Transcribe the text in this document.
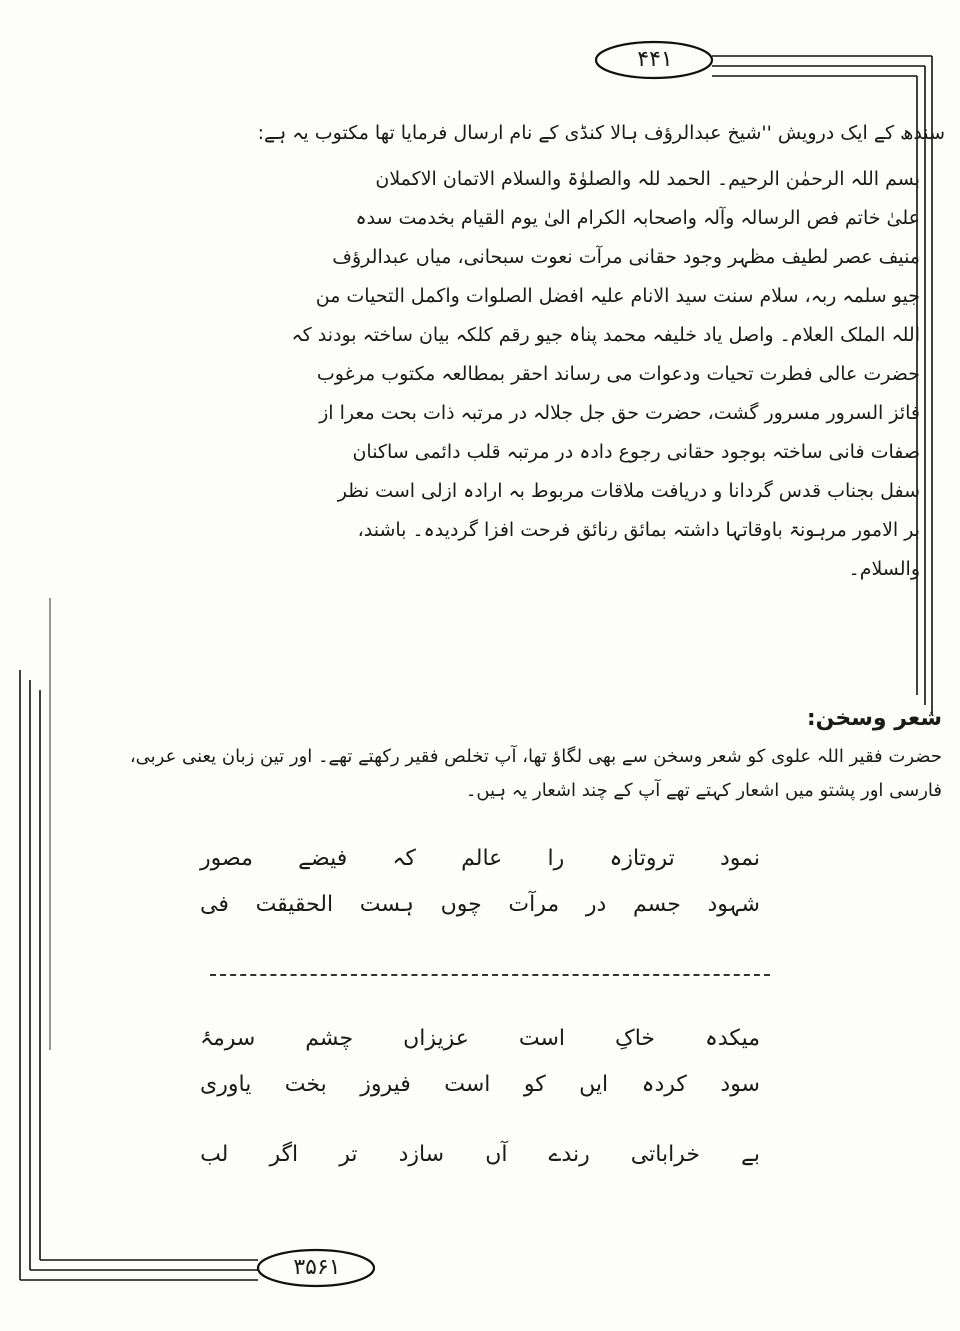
۴۴۱
۳۵۶۱
سندھ کے ایک درویش ''شیخ عبدالرؤف ہالا کنڈی کے نام ارسال فرمایا تھا مکتوب یہ ہے:
بسم اللہ الرحمٰن الرحیم۔ الحمد للہ والصلوٰۃ والسلام الاتمان الاکملان
علیٰ خاتم فص الرسالہ وآلہ واصحابہ الکرام الیٰ یوم القیام بخدمت سدہ
منیف عصر لطیف مظہر وجود حقانی مرآت نعوت سبحانی، میاں عبدالرؤف
جیو سلمہ ربہ، سلام سنت سید الانام علیہ افضل الصلوات واکمل التحیات من
اللہ الملک العلام۔ واصل یاد خلیفہ محمد پناہ جیو رقم کلکہ بیان ساختہ بودند کہ
حضرت عالی فطرت تحیات ودعوات می رساند احقر بمطالعہ مکتوب مرغوب
فائز السرور مسرور گشت، حضرت حق جل جلالہ در مرتبہ ذات بحت معرا از
صفات فانی ساختہ بوجود حقانی رجوع دادہ در مرتبہ قلب دائمی ساکنان
سفل بجناب قدس گردانا و دریافت ملاقات مربوط بہ ارادہ ازلی است نظر
بر الامور مرہونۃ باوقاتہا داشتہ بمائق رنائق فرحت افزا گردیدہ۔ باشند،
والسلام۔
شعر وسخن:
حضرت فقیر اللہ علوی کو شعر وسخن سے بھی لگاؤ تھا، آپ تخلص فقیر رکھتے تھے۔ اور تین زبان یعنی عربی،
فارسی اور پشتو میں اشعار کہتے تھے آپ کے چند اشعار یہ ہیں۔
مصور فیضے کہ عالم را تروتازہ نمود
فی الحقیقت ہست چوں مرآت در جسم شہود
سرمۂ چشم عزیزاں است خاکِ میکدہ
یاوری بخت فیروز است کو ایں کردہ سود
لب اگر تر سازد آں رندے خراباتی بے
